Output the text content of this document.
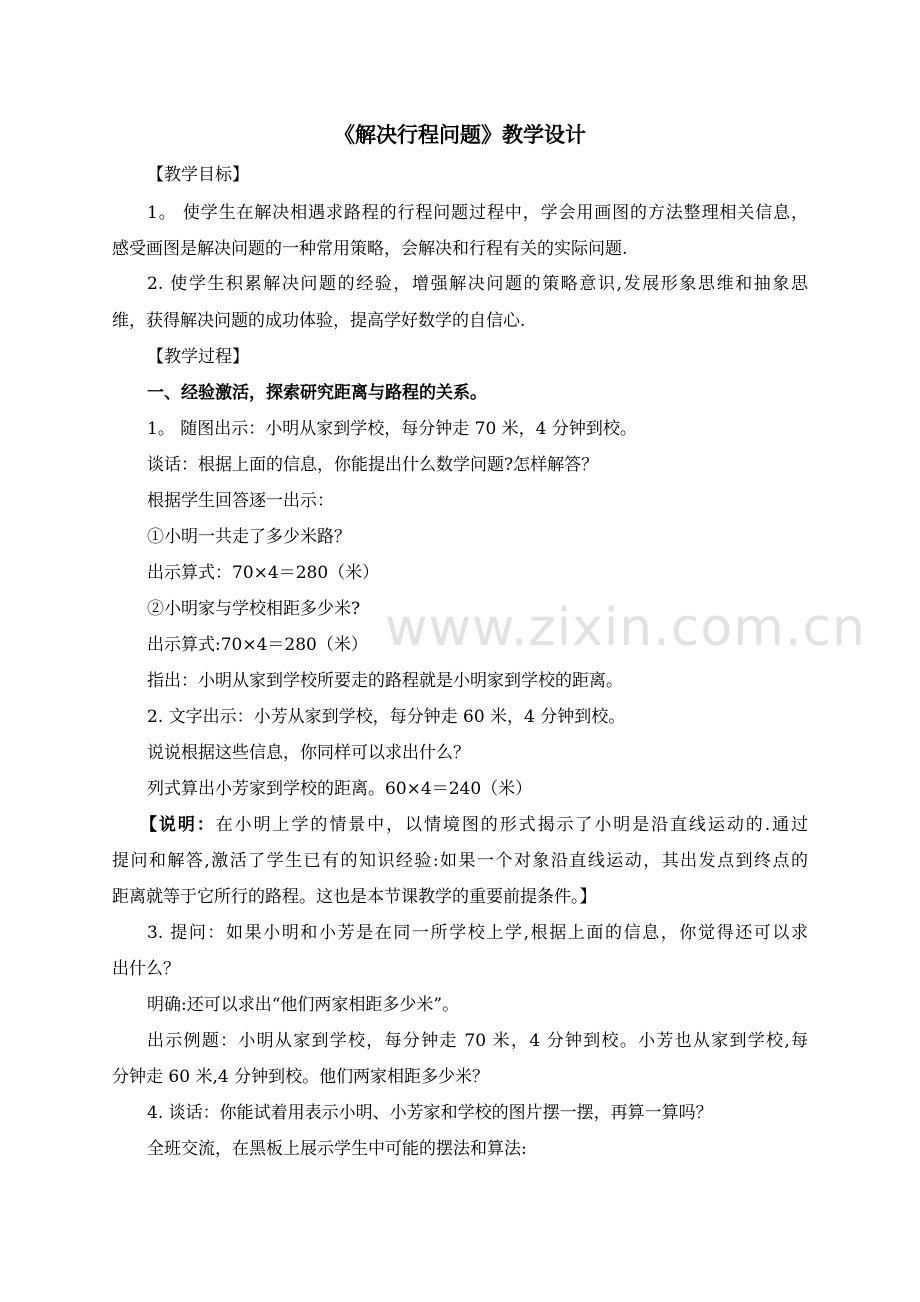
《解决行程问题》教学设计
【教学目标】
1。 使学生在解决相遇求路程的行程问题过程中，学会用画图的方法整理相关信息，
感受画图是解决问题的一种常用策略，会解决和行程有关的实际问题.
2. 使学生积累解决问题的经验，增强解决问题的策略意识,发展形象思维和抽象思
维，获得解决问题的成功体验，提高学好数学的自信心.
【教学过程】
一、经验激活，探索研究距离与路程的关系。
1。 随图出示：小明从家到学校，每分钟走 70 米，4 分钟到校。
谈话：根据上面的信息，你能提出什么数学问题?怎样解答？
根据学生回答逐一出示：
①小明一共走了多少米路？
出示算式：70×4＝280（米）
②小明家与学校相距多少米?
出示算式:70×4＝280（米）
指出：小明从家到学校所要走的路程就是小明家到学校的距离。
2. 文字出示：小芳从家到学校，每分钟走 60 米，4 分钟到校。
说说根据这些信息，你同样可以求出什么？
列式算出小芳家到学校的距离。60×4＝240（米）
【说明：在小明上学的情景中，以情境图的形式揭示了小明是沿直线运动的.通过
提问和解答,激活了学生已有的知识经验:如果一个对象沿直线运动，其出发点到终点的
距离就等于它所行的路程。这也是本节课教学的重要前提条件。】
3. 提问：如果小明和小芳是在同一所学校上学,根据上面的信息，你觉得还可以求
出什么？
明确:还可以求出“他们两家相距多少米”。
出示例题：小明从家到学校，每分钟走 70 米，4 分钟到校。小芳也从家到学校,每
分钟走 60 米,4 分钟到校。他们两家相距多少米？
4. 谈话：你能试着用表示小明、小芳家和学校的图片摆一摆，再算一算吗？
全班交流，在黑板上展示学生中可能的摆法和算法:
www.zixin.com.cn
